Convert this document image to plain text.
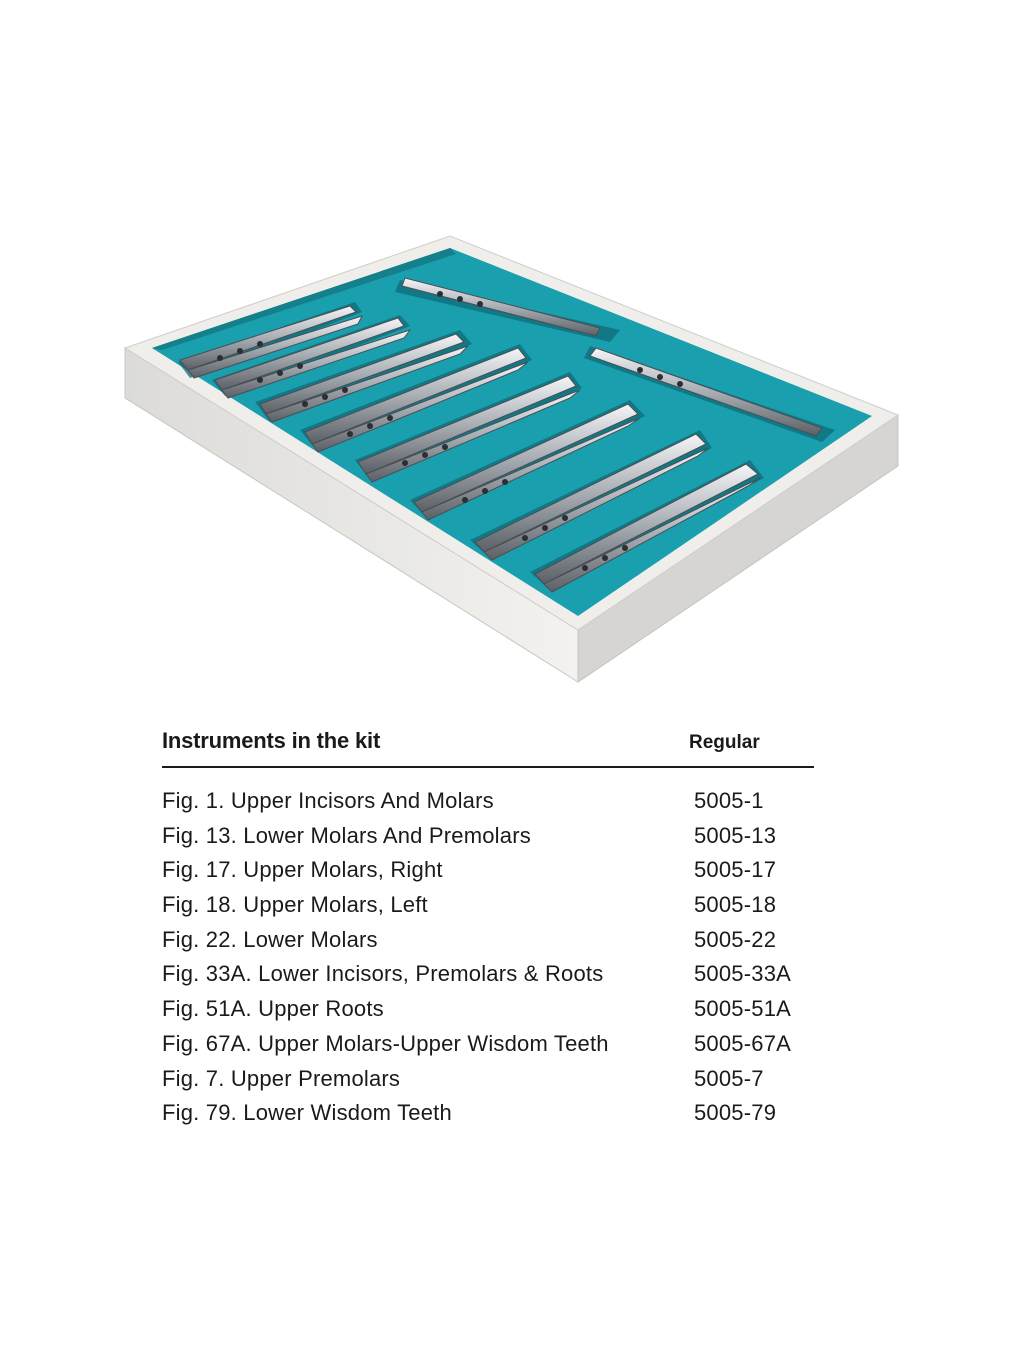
Instruments in the kit	Regular
Fig. 1. Upper Incisors And Molars	5005-1
Fig. 13. Lower Molars And Premolars	5005-13
Fig. 17. Upper Molars, Right	5005-17
Fig. 18. Upper Molars, Left	5005-18
Fig. 22. Lower Molars	5005-22
Fig. 33A. Lower Incisors, Premolars & Roots	5005-33A
Fig. 51A. Upper Roots	5005-51A
Fig. 67A. Upper Molars-Upper Wisdom Teeth	5005-67A
Fig. 7. Upper Premolars	5005-7
Fig. 79. Lower Wisdom Teeth	5005-79
